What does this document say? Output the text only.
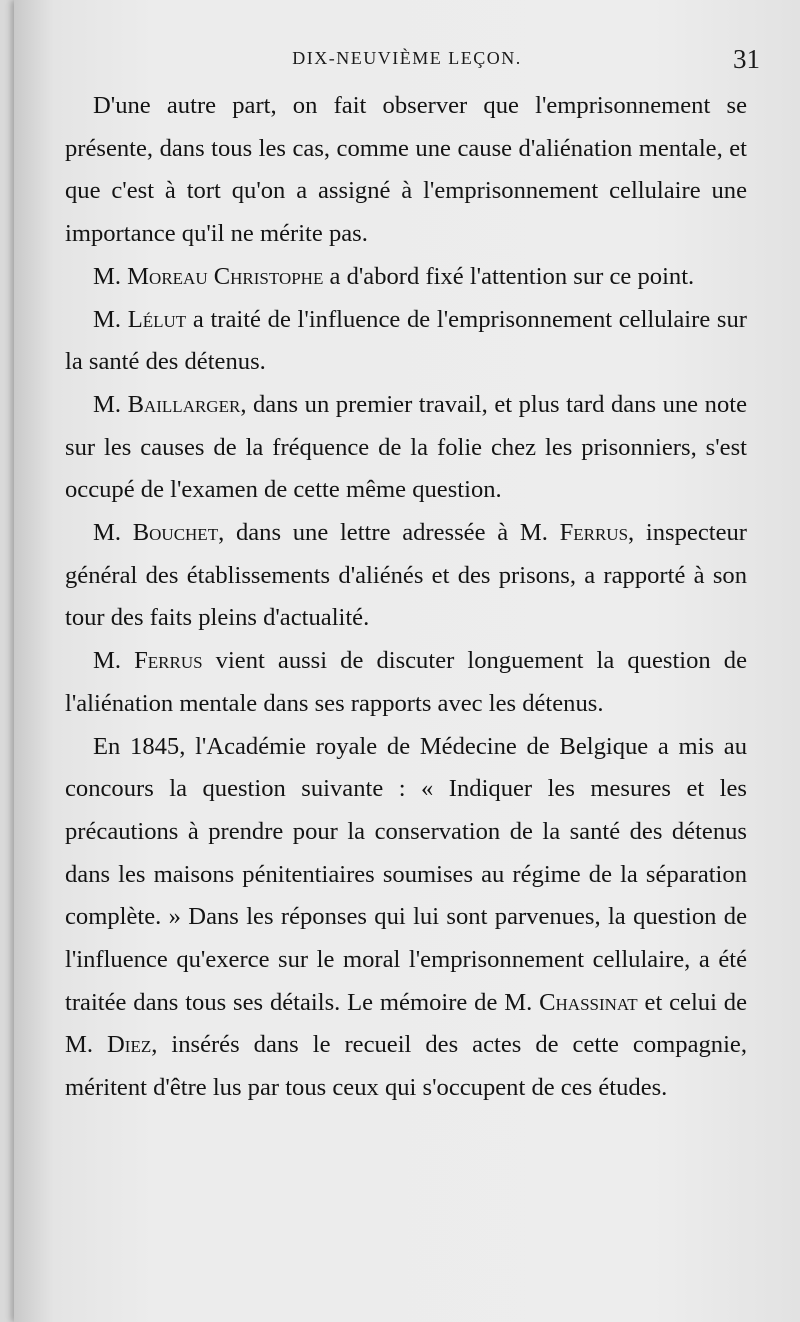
DIX-NEUVIÈME LEÇON.	31

D'une autre part, on fait observer que l'emprisonnement se présente, dans tous les cas, comme une cause d'aliénation mentale, et que c'est à tort qu'on a assigné à l'emprisonnement cellulaire une importance qu'il ne mérite pas.

M. Moreau Christophe a d'abord fixé l'attention sur ce point.

M. Lélut a traité de l'influence de l'emprisonnement cellulaire sur la santé des détenus.

M. Baillarger, dans un premier travail, et plus tard dans une note sur les causes de la fréquence de la folie chez les prisonniers, s'est occupé de l'examen de cette même question.

M. Bouchet, dans une lettre adressée à M. Ferrus, inspecteur général des établissements d'aliénés et des prisons, a rapporté à son tour des faits pleins d'actualité.

M. Ferrus vient aussi de discuter longuement la question de l'aliénation mentale dans ses rapports avec les détenus.

En 1845, l'Académie royale de Médecine de Belgique a mis au concours la question suivante : « Indiquer les mesures et les précautions à prendre pour la conservation de la santé des détenus dans les maisons pénitentiaires soumises au régime de la séparation complète. » Dans les réponses qui lui sont parvenues, la question de l'influence qu'exerce sur le moral l'emprisonnement cellulaire, a été traitée dans tous ses détails. Le mémoire de M. Chassinat et celui de M. Diez, insérés dans le recueil des actes de cette compagnie, méritent d'être lus par tous ceux qui s'occupent de ces études.
